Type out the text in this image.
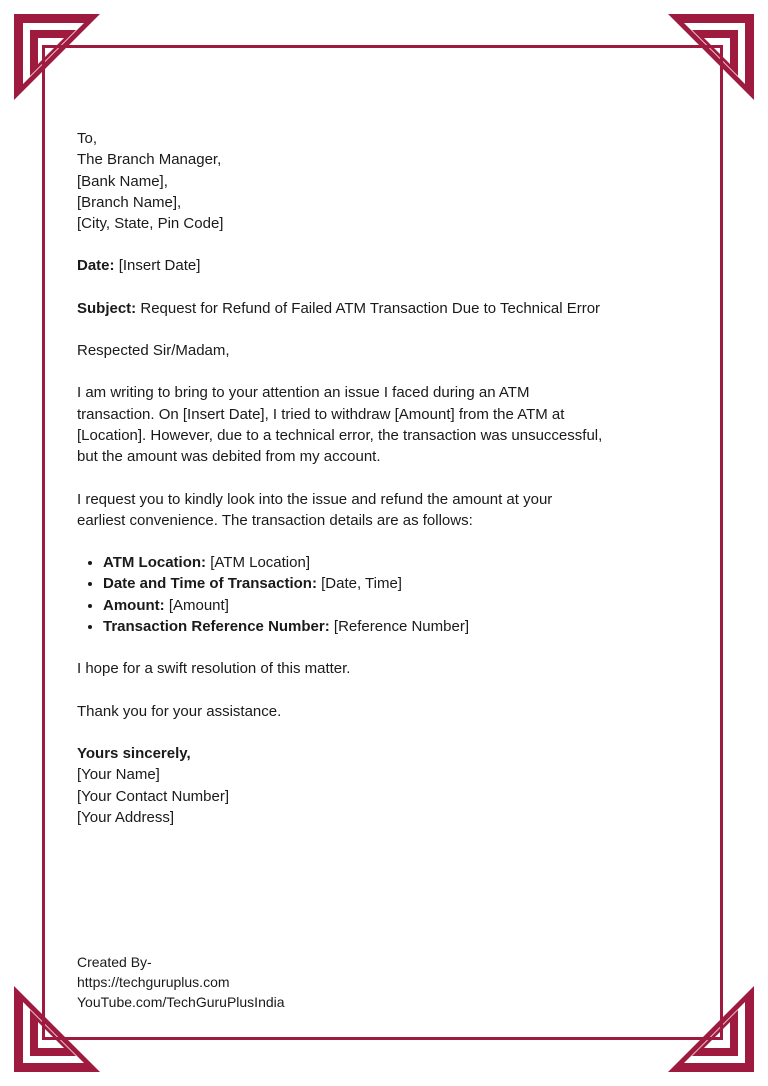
To,
The Branch Manager,
[Bank Name],
[Branch Name],
[City, State, Pin Code]

Date: [Insert Date]

Subject: Request for Refund of Failed ATM Transaction Due to Technical Error

Respected Sir/Madam,

I am writing to bring to your attention an issue I faced during an ATM
transaction. On [Insert Date], I tried to withdraw [Amount] from the ATM at
[Location]. However, due to a technical error, the transaction was unsuccessful,
but the amount was debited from my account.
I request you to kindly look into the issue and refund the amount at your
earliest convenience. The transaction details are as follows:
• ATM Location: [ATM Location]
• Date and Time of Transaction: [Date, Time]
• Amount: [Amount]
• Transaction Reference Number: [Reference Number]

I hope for a swift resolution of this matter.

Thank you for your assistance.

Yours sincerely,
[Your Name]
[Your Contact Number]
[Your Address]
Created By-
https://techguruplus.com
YouTube.com/TechGuruPlusIndia
